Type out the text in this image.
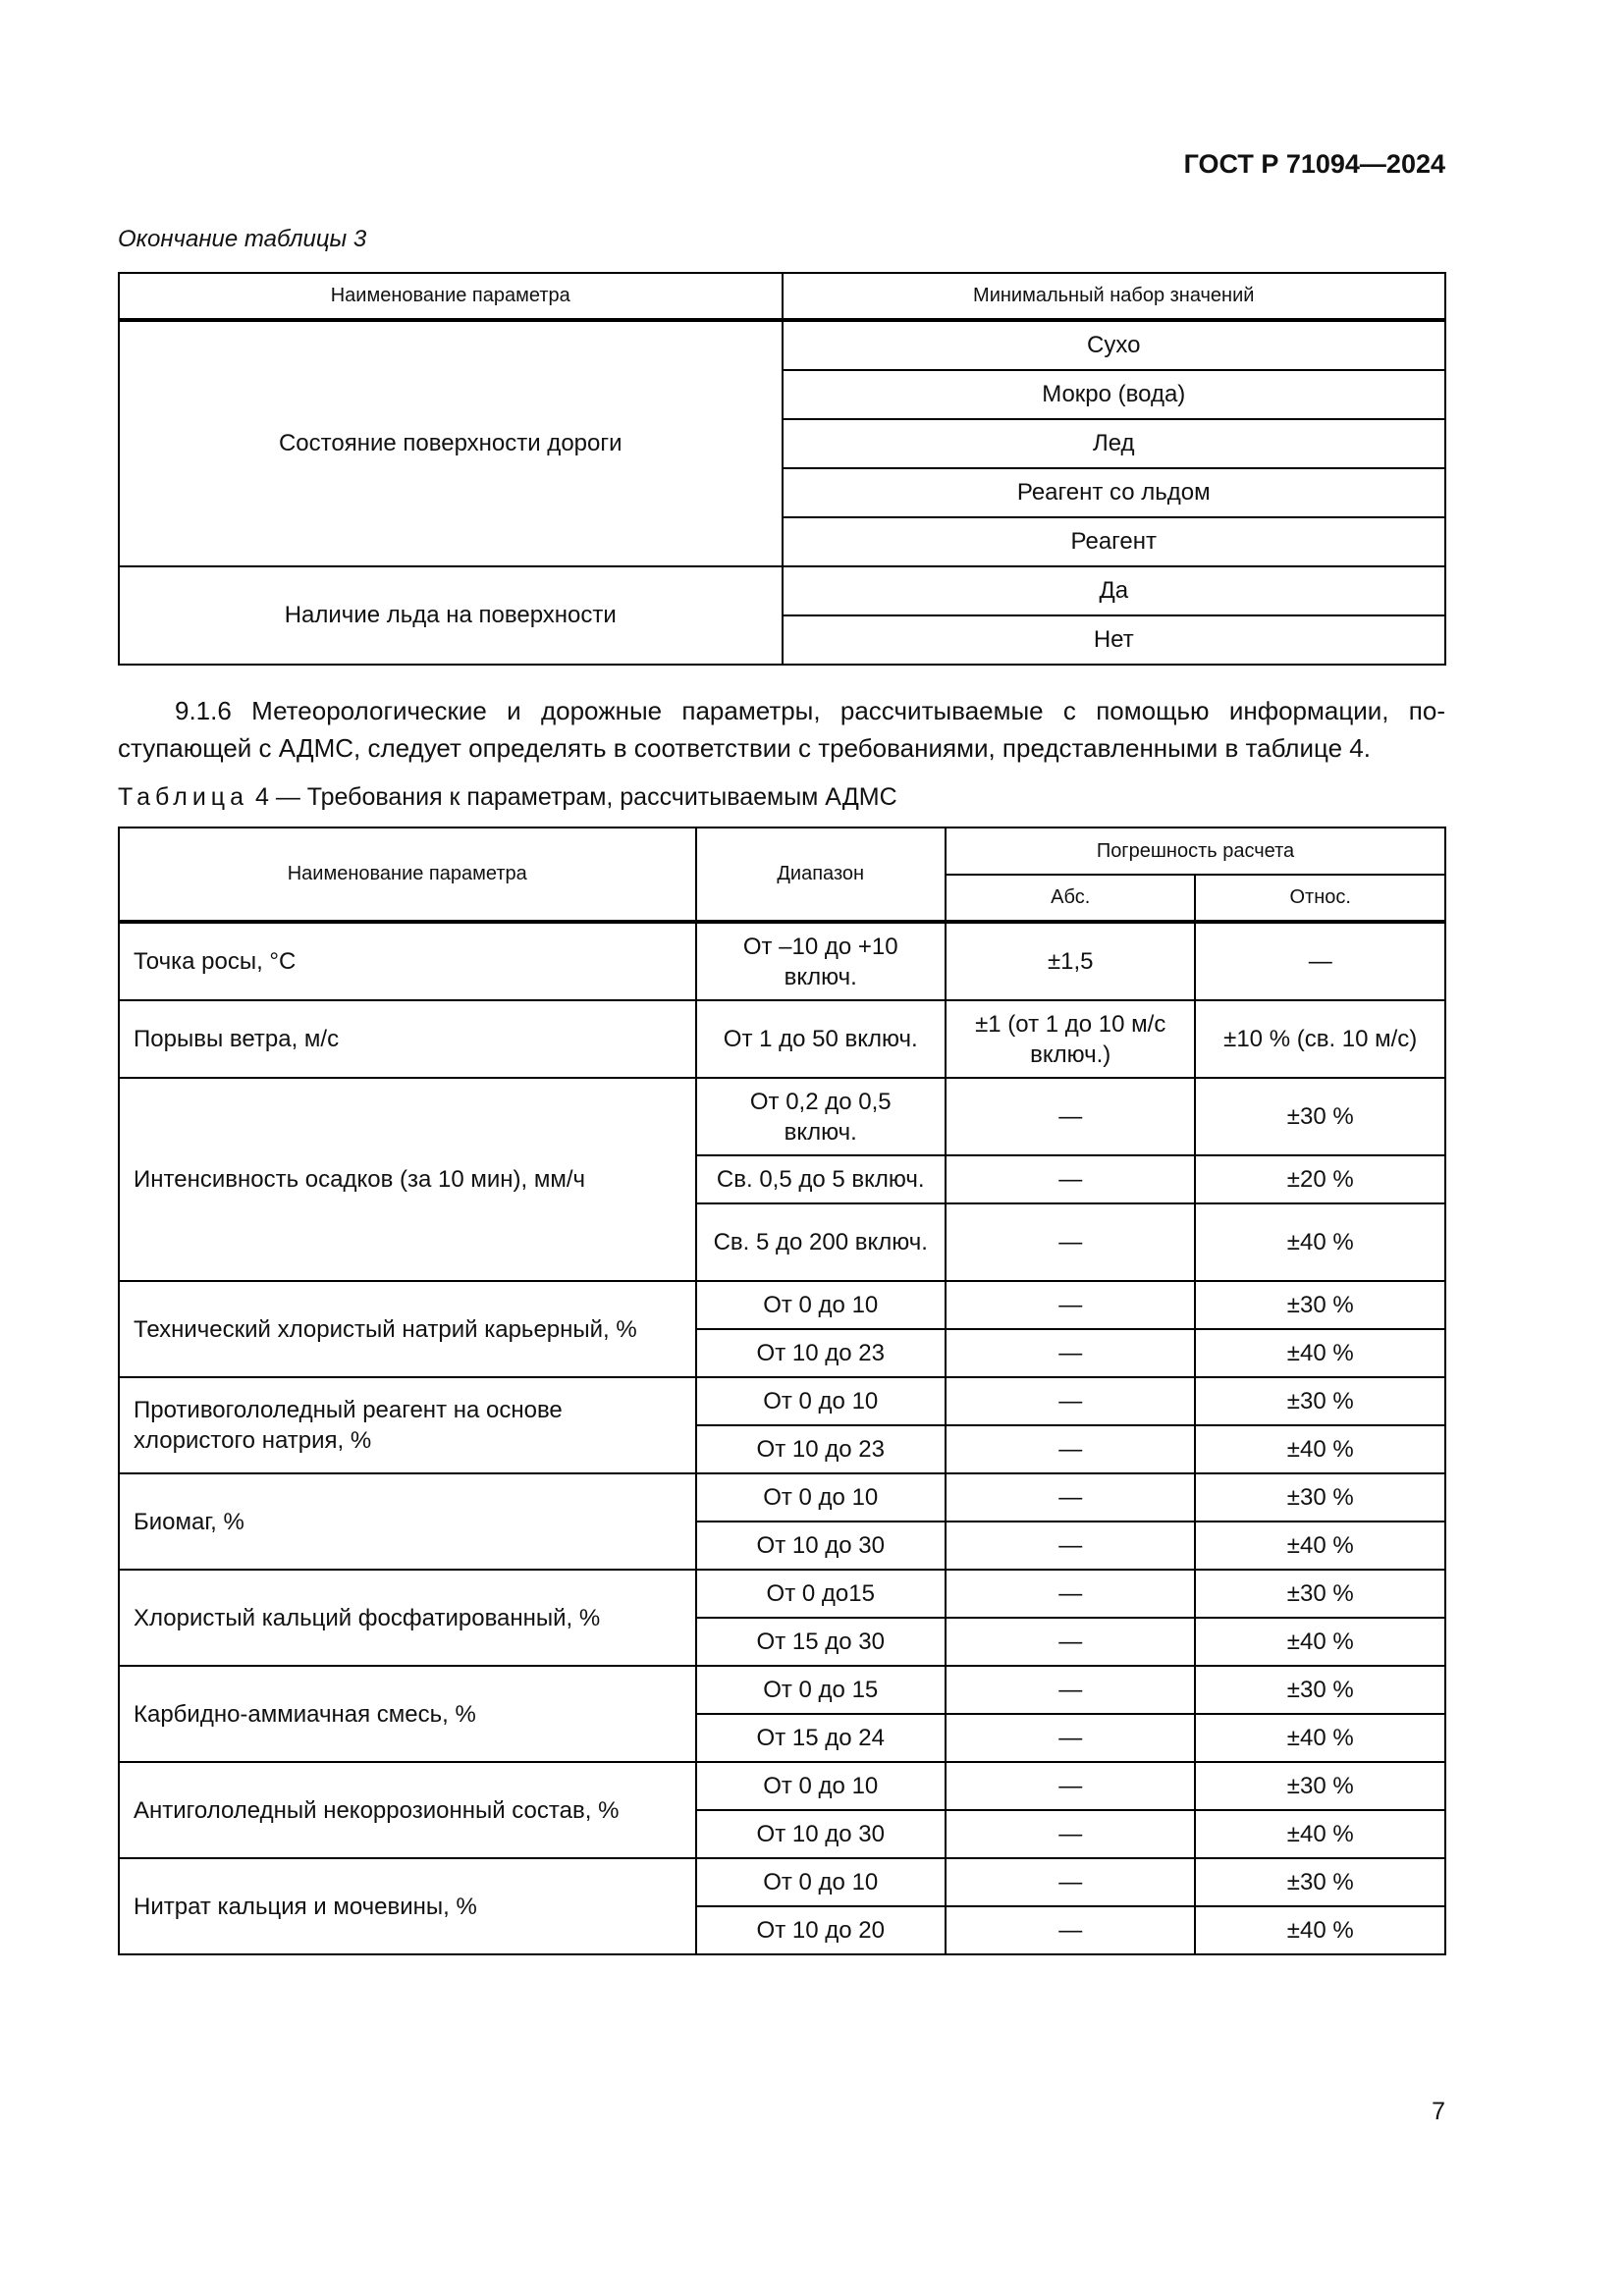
ГОСТ Р 71094—2024
Окончание таблицы 3
Наименование параметра	Минимальный набор значений
Состояние поверхности дороги	Сухо
	Мокро (вода)
	Лед
	Реагент со льдом
	Реагент
Наличие льда на поверхности	Да
	Нет
9.1.6 Метеорологические и дорожные параметры, рассчитываемые с помощью информации, по-
ступающей с АДМС, следует определять в соответствии с требованиями, представленными в таблице 4.
Таблица 4 — Требования к параметрам, рассчитываемым АДМС
Наименование параметра	Диапазон	Погрешность расчета	
		Абс.	Относ.
Точка росы, °С	От –10 до +10 включ.	±1,5	—
Порывы ветра, м/с	От 1 до 50 включ.	±1 (от 1 до 10 м/с включ.)	±10 % (св. 10 м/с)
Интенсивность осадков (за 10 мин), мм/ч	От 0,2 до 0,5 включ.	—	±30 %
	Св. 0,5 до 5 включ.	—	±20 %
	Св. 5 до 200 включ.	—	±40 %
Технический хлористый натрий карьерный, %	От 0 до 10	—	±30 %
	От 10 до 23	—	±40 %
Противогололедный реагент на основе хлористого натрия, %	От 0 до 10	—	±30 %
	От 10 до 23	—	±40 %
Биомаг, %	От 0 до 10	—	±30 %
	От 10 до 30	—	±40 %
Хлористый кальций фосфатированный, %	От 0 до15	—	±30 %
	От 15 до 30	—	±40 %
Карбидно-аммиачная смесь, %	От 0 до 15	—	±30 %
	От 15 до 24	—	±40 %
Антигололедный некоррозионный состав, %	От 0 до 10	—	±30 %
	От 10 до 30	—	±40 %
Нитрат кальция и мочевины, %	От 0 до 10	—	±30 %
	От 10 до 20	—	±40 %
7
